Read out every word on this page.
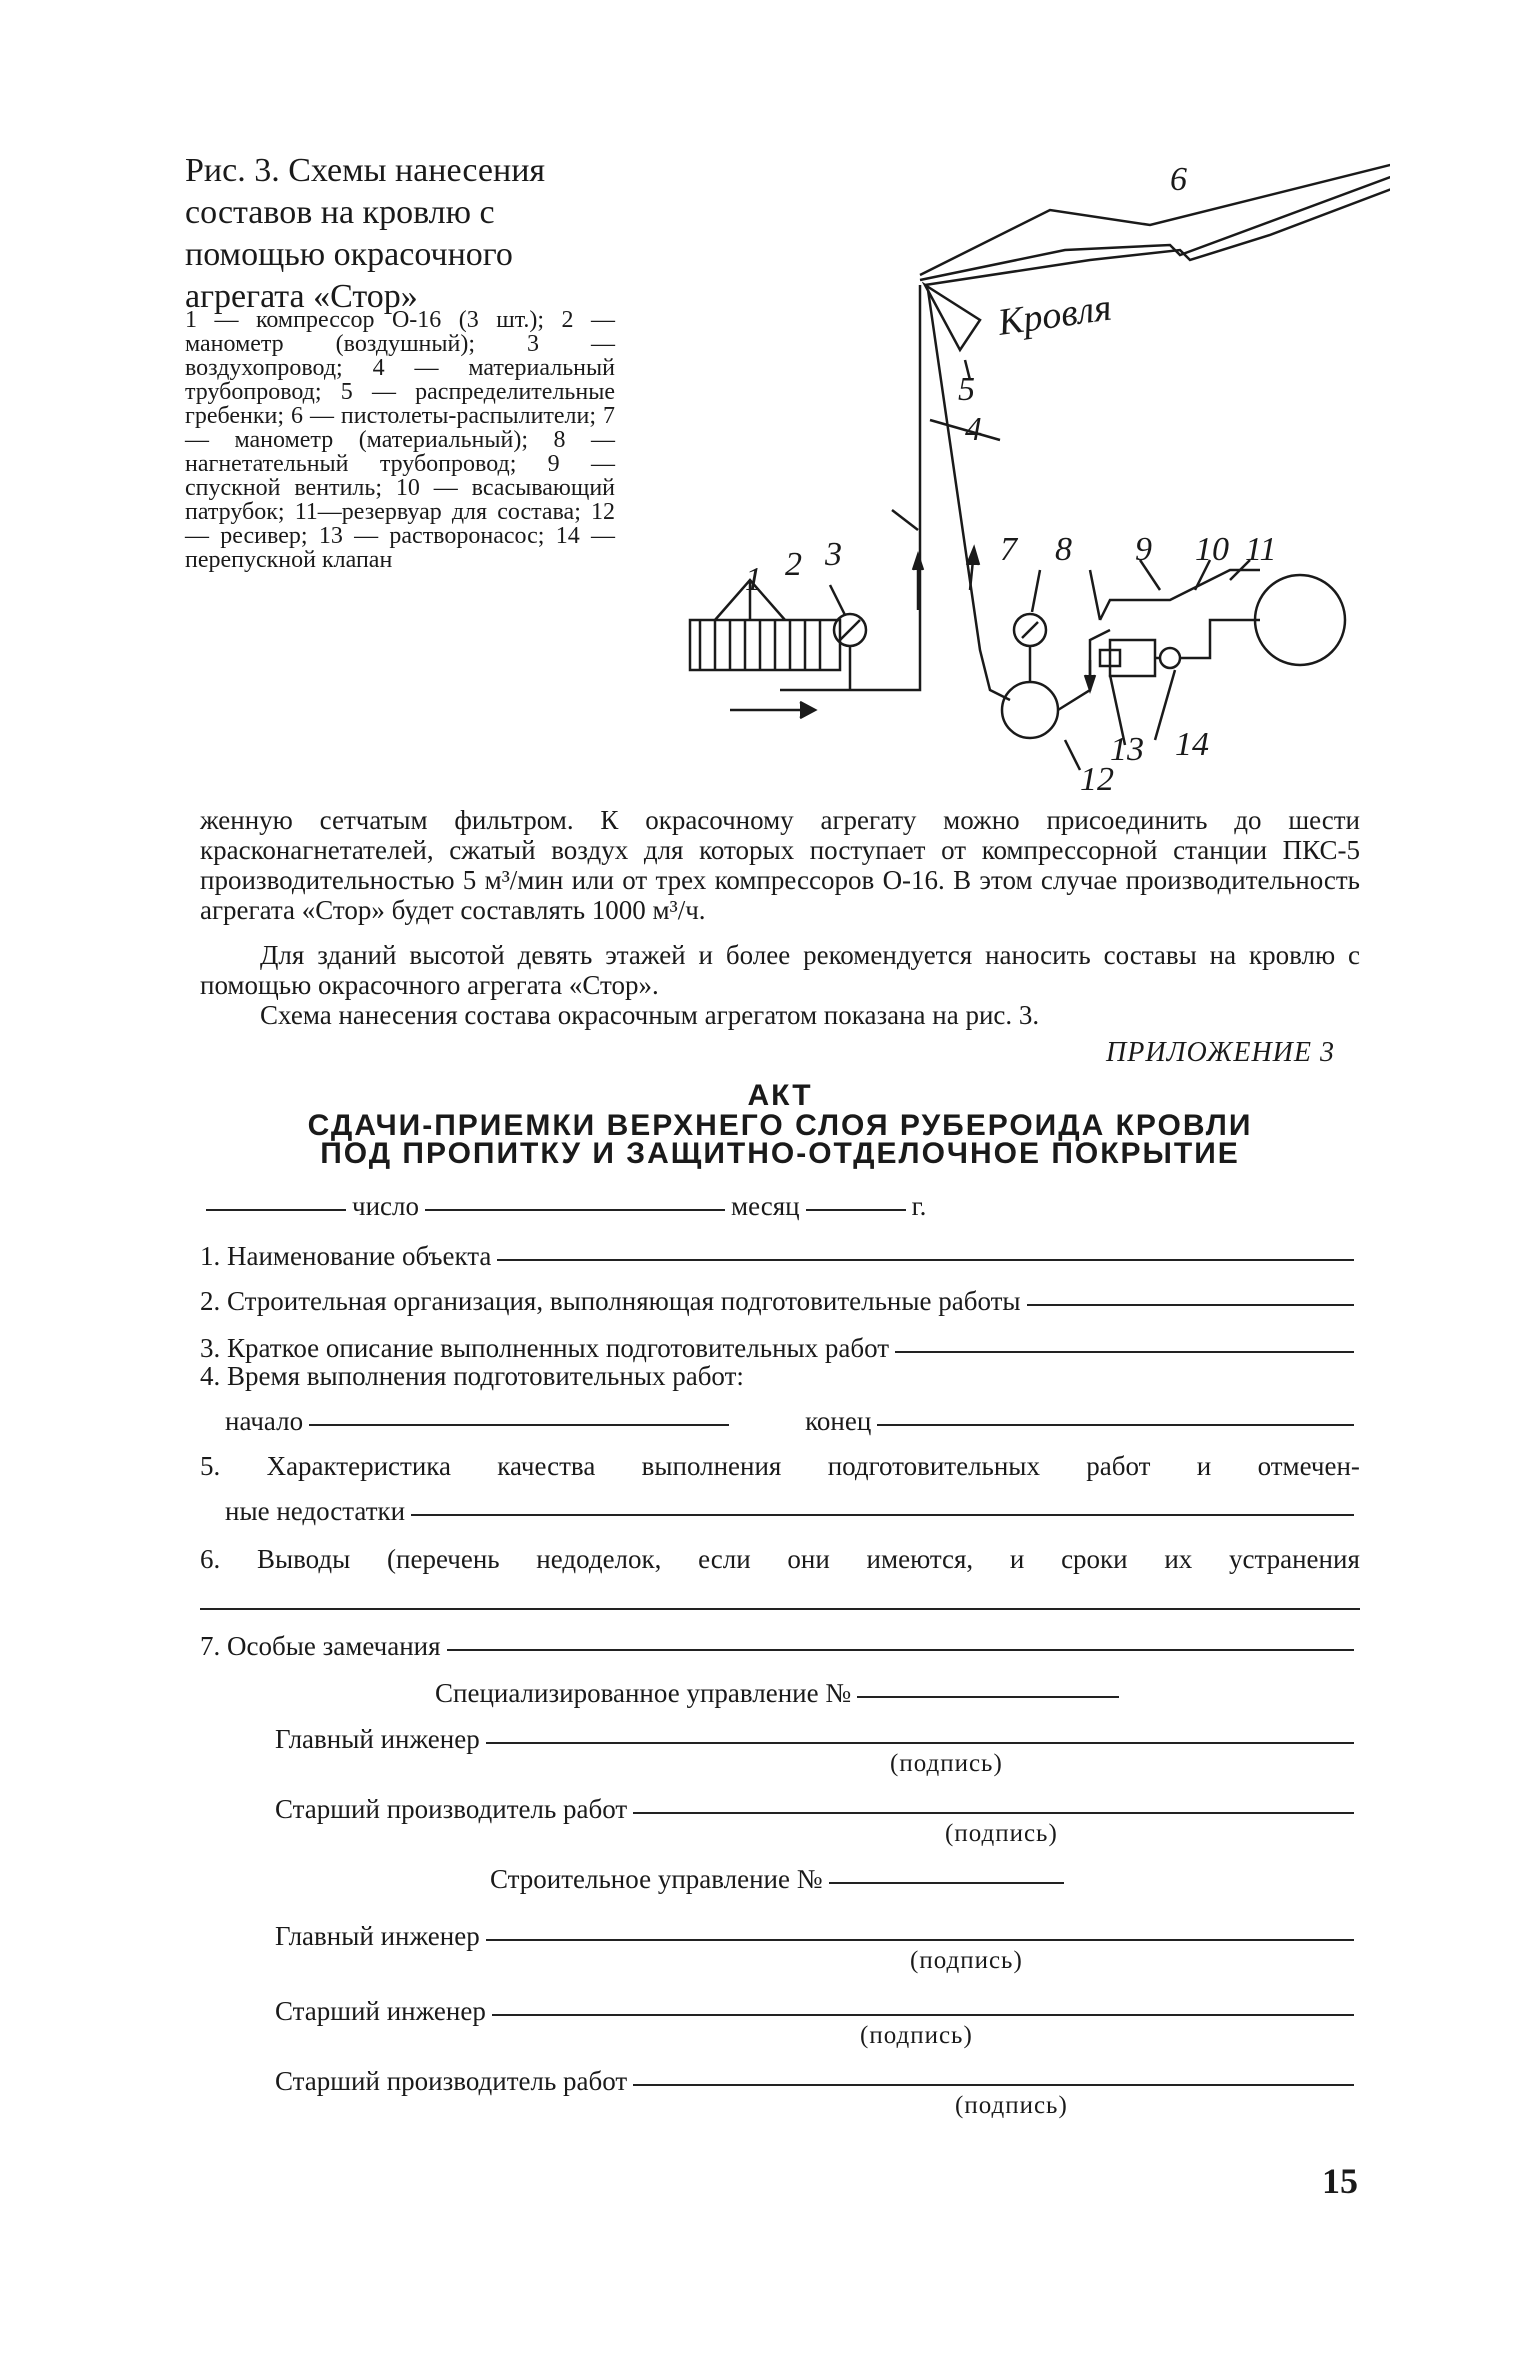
Рис. 3. Схемы нанесения составов на кровлю с помощью окрасочного агрегата «Стор»
1 — компрессор О-16 (3 шт.); 2 — манометр (воздушный); 3 — воздухопровод; 4 — материальный трубопровод; 5 — распределительные гребенки; 6 — пистолеты-распылители; 7 — манометр (материальный); 8 — нагнетательный трубопровод; 9 — спускной вентиль; 10 — всасывающий патрубок; 11—резервуар для состава; 12 — ресивер; 13 — растворонасос; 14 — перепускной клапан
Кровля
1 2 3
4
5
6
7 8 9 10 11
12
13 14
женную сетчатым фильтром. К окрасочному агрегату можно присоединить до шести красконагнетателей, сжатый воздух для которых поступает от компрессорной станции ПКС-5 производительностью 5 м³/мин или от трех компрессоров О-16. В этом случае производительность агрегата «Стор» будет составлять 1000 м³/ч.
Для зданий высотой девять этажей и более рекомендуется наносить составы на кровлю с помощью окрасочного агрегата «Стор».
Схема нанесения состава окрасочным агрегатом показана на рис. 3.
ПРИЛОЖЕНИЕ 3
АКТ
СДАЧИ-ПРИЕМКИ ВЕРХНЕГО СЛОЯ РУБЕРОИДА КРОВЛИ
ПОД ПРОПИТКУ И ЗАЩИТНО-ОТДЕЛОЧНОЕ ПОКРЫТИЕ
число	месяц	г.
1. Наименование объекта
2. Строительная организация, выполняющая подготовительные работы
3. Краткое описание выполненных подготовительных работ
4. Время выполнения подготовительных работ:
начало	конец
5. Характеристика качества выполнения подготовительных работ и отмечен-
ные недостатки
6. Выводы (перечень недоделок, если они имеются, и сроки их устранения
7. Особые замечания
Специализированное управление №
Главный инженер
(подпись)
Старший производитель работ
(подпись)
Строительное управление №
Главный инженер
(подпись)
Старший инженер
(подпись)
Старший производитель работ
(подпись)
15
